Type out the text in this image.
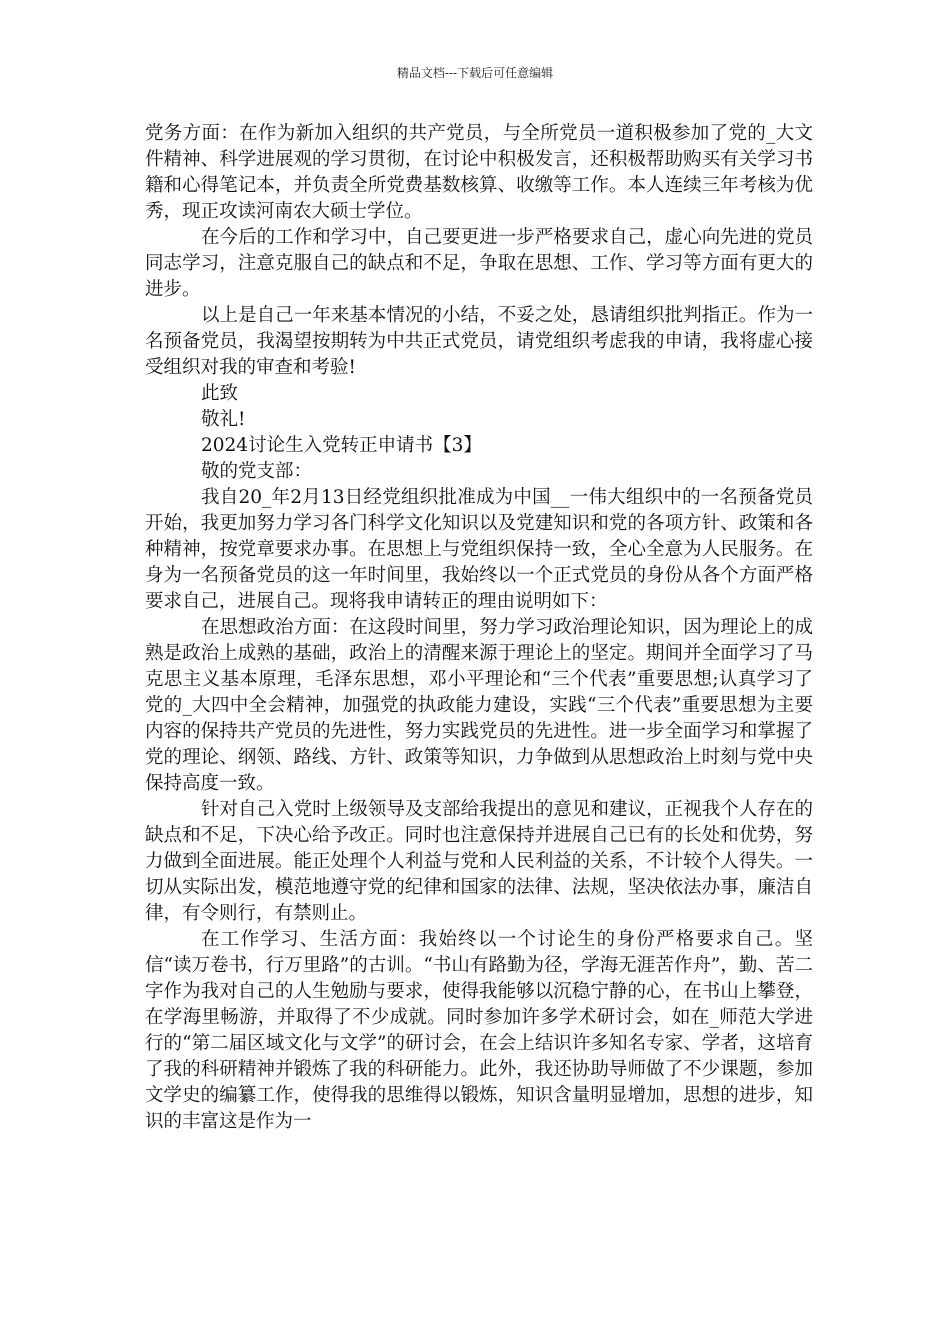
精品文档---下载后可任意编辑

党务方面：在作为新加入组织的共产党员，与全所党员一道积极参加了党的_大文件精神、科学进展观的学习贯彻，在讨论中积极发言，还积极帮助购买有关学习书籍和心得笔记本，并负责全所党费基数核算、收缴等工作。本人连续三年考核为优秀，现正攻读河南农大硕士学位。

在今后的工作和学习中，自己要更进一步严格要求自己，虚心向先进的党员同志学习，注意克服自己的缺点和不足，争取在思想、工作、学习等方面有更大的进步。

以上是自己一年来基本情况的小结，不妥之处，恳请组织批判指正。作为一名预备党员，我渴望按期转为中共正式党员，请党组织考虑我的申请，我将虚心接受组织对我的审查和考验!

此致

敬礼!

2024讨论生入党转正申请书【3】

敬的党支部：

我自20_年2月13日经党组织批准成为中国__一伟大组织中的一名预备党员开始，我更加努力学习各门科学文化知识以及党建知识和党的各项方针、政策和各种精神，按党章要求办事。在思想上与党组织保持一致，全心全意为人民服务。在身为一名预备党员的这一年时间里，我始终以一个正式党员的身份从各个方面严格要求自己，进展自己。现将我申请转正的理由说明如下：

在思想政治方面：在这段时间里，努力学习政治理论知识，因为理论上的成熟是政治上成熟的基础，政治上的清醒来源于理论上的坚定。期间并全面学习了马克思主义基本原理，毛泽东思想，邓小平理论和“三个代表”重要思想;认真学习了党的_大四中全会精神，加强党的执政能力建设，实践“三个代表”重要思想为主要内容的保持共产党员的先进性，努力实践党员的先进性。进一步全面学习和掌握了党的理论、纲领、路线、方针、政策等知识，力争做到从思想政治上时刻与党中央保持高度一致。

针对自己入党时上级领导及支部给我提出的意见和建议，正视我个人存在的缺点和不足，下决心给予改正。同时也注意保持并进展自己已有的长处和优势，努力做到全面进展。能正处理个人利益与党和人民利益的关系，不计较个人得失。一切从实际出发，模范地遵守党的纪律和国家的法律、法规，坚决依法办事，廉洁自律，有令则行，有禁则止。

在工作学习、生活方面：我始终以一个讨论生的身份严格要求自己。坚信“读万卷书，行万里路”的古训。“书山有路勤为径，学海无涯苦作舟”，勤、苦二字作为我对自己的人生勉励与要求，使得我能够以沉稳宁静的心，在书山上攀登，在学海里畅游，并取得了不少成就。同时参加许多学术研讨会，如在_师范大学进行的“第二届区域文化与文学”的研讨会，在会上结识许多知名专家、学者，这培育了我的科研精神并锻炼了我的科研能力。此外，我还协助导师做了不少课题，参加文学史的编纂工作，使得我的思维得以锻炼，知识含量明显增加，思想的进步，知识的丰富这是作为一
